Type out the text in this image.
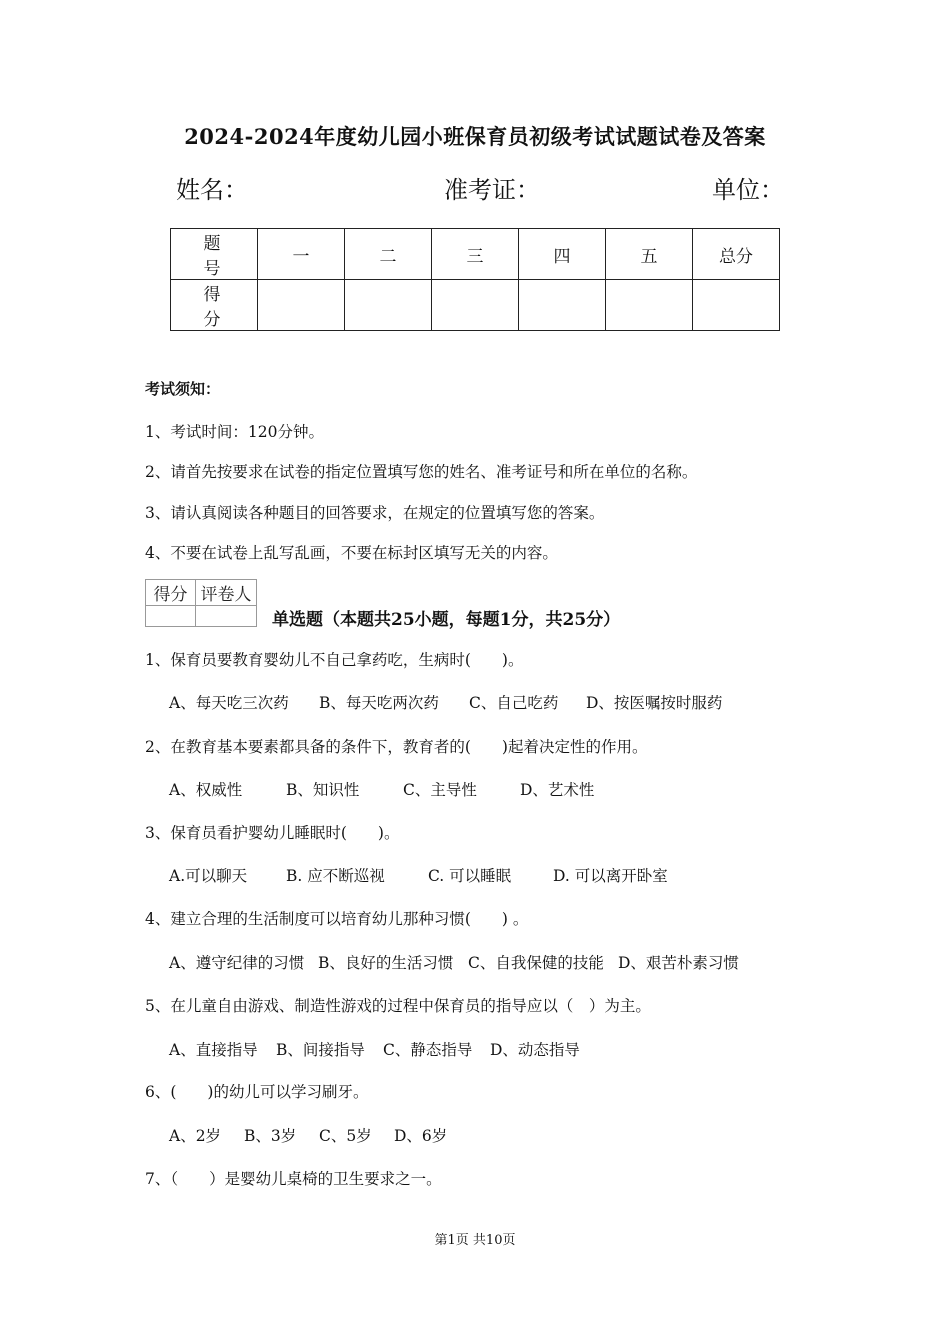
2024-2024年度幼儿园小班保育员初级考试试题试卷及答案
姓名：	准考证：	单位：
题　号	一	二	三	四	五	总分
得　分						
考试须知：
1、考试时间：120分钟。
2、请首先按要求在试卷的指定位置填写您的姓名、准考证号和所在单位的名称。
3、请认真阅读各种题目的回答要求，在规定的位置填写您的答案。
4、不要在试卷上乱写乱画，不要在标封区填写无关的内容。
得分	评卷人

单选题（本题共25小题，每题1分，共25分）
1、保育员要教育婴幼儿不自己拿药吃，生病时(　　)。
A、每天吃三次药 B、每天吃两次药 C、自己吃药 D、按医嘱按时服药
2、在教育基本要素都具备的条件下，教育者的(　　)起着决定性的作用。
A、权威性	B、知识性	C、主导性	D、艺术性
3、保育员看护婴幼儿睡眠时(　　)。
A.可以聊天	B. 应不断巡视	C. 可以睡眠	D. 可以离开卧室
4、建立合理的生活制度可以培育幼儿那种习惯(　　) 。
A、遵守纪律的习惯 B、良好的生活习惯 C、自我保健的技能 D、艰苦朴素习惯
5、在儿童自由游戏、制造性游戏的过程中保育员的指导应以（　）为主。
A、直接指导 B、间接指导 C、静态指导 D、动态指导
6、(　　)的幼儿可以学习刷牙。
A、2岁 B、3岁 C、5岁 D、6岁
7、（　　）是婴幼儿桌椅的卫生要求之一。
第1页 共10页
